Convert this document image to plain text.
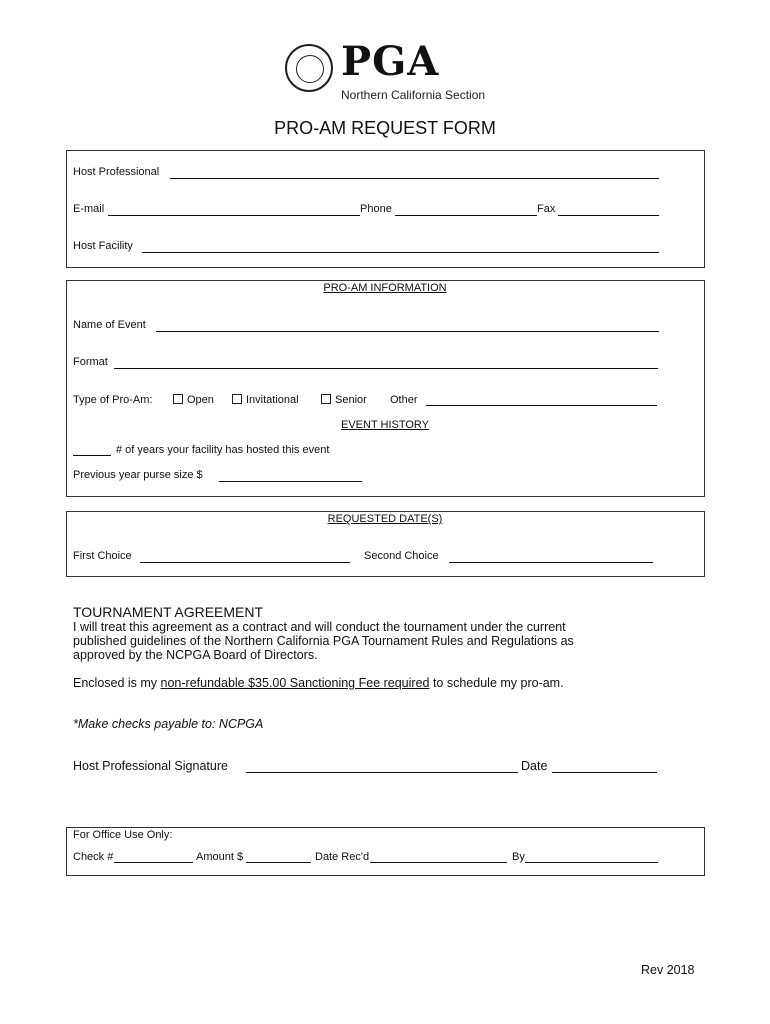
PGA
Northern California Section
PRO-AM REQUEST FORM
Host Professional
E-mail	Phone	Fax
Host Facility
PRO-AM INFORMATION
Name of Event
Format
Type of Pro-Am:	Open	Invitational	Senior Other
EVENT HISTORY
# of years your facility has hosted this event
Previous year purse size $
REQUESTED DATE(S)
First Choice	Second Choice
TOURNAMENT AGREEMENT
I will treat this agreement as a contract and will conduct the tournament under the current
published guidelines of the Northern California PGA Tournament Rules and Regulations as
approved by the NCPGA Board of Directors.
Enclosed is my non-refundable $35.00 Sanctioning Fee required to schedule my pro-am.
*Make checks payable to: NCPGA
Host Professional Signature	Date
For Office Use Only:
Check #	Amount $	Date Rec'd	By
Rev 2018
